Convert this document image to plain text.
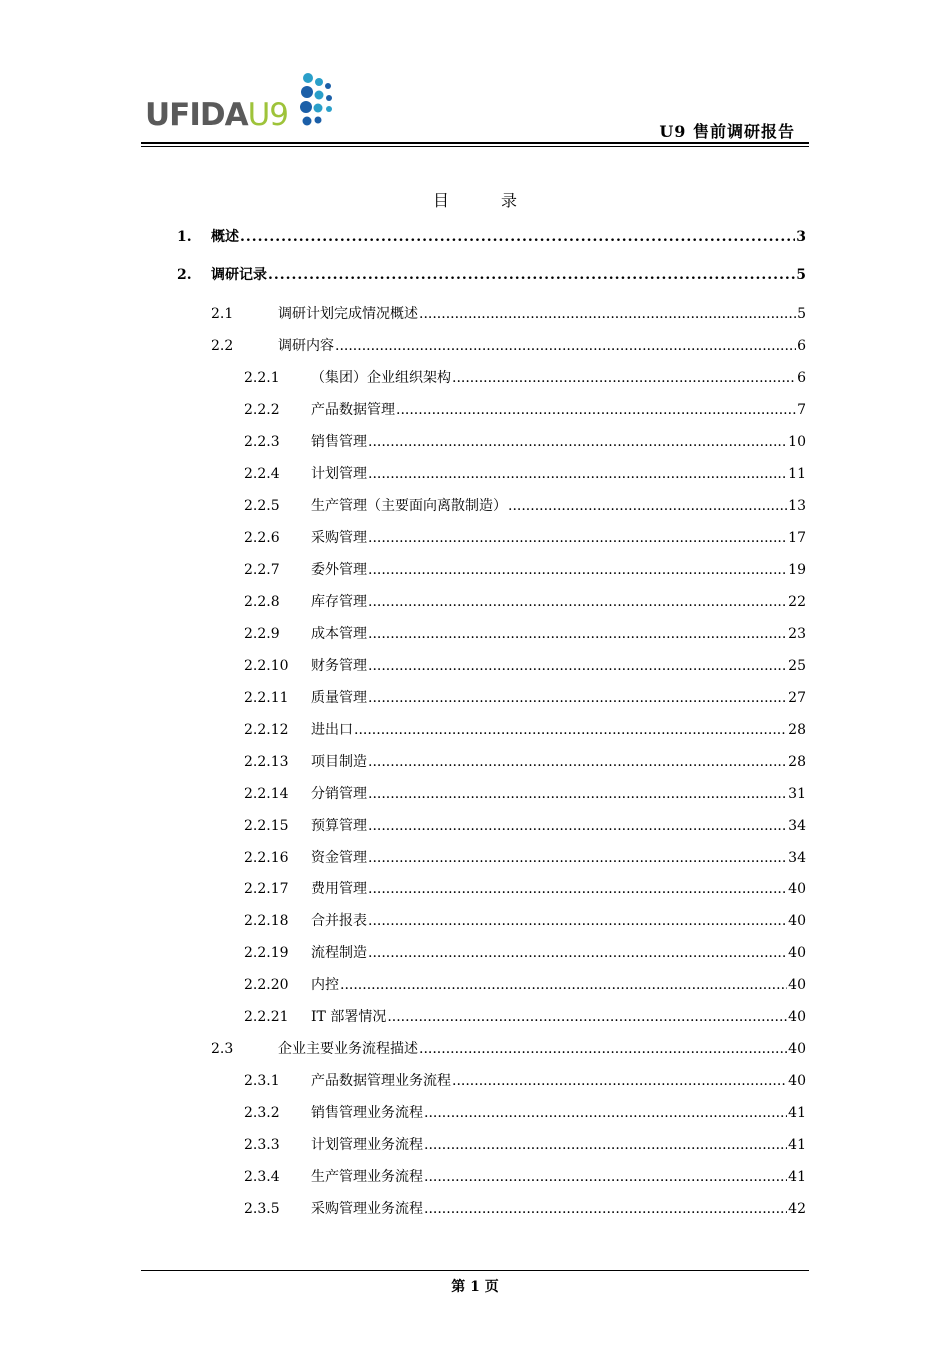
UFIDAU9	U9 售前调研报告
目	录
1.	概述 .....	3
2.	调研记录 .....	5
2.1	调研计划完成情况概述 .....	5
2.2	调研内容 .....	6
2.2.1	（集团）企业组织架构 .....	6
2.2.2	产品数据管理 .....	7
2.2.3	销售管理 .....	10
2.2.4	计划管理 .....	11
2.2.5	生产管理（主要面向离散制造） .....	13
2.2.6	采购管理 .....	17
2.2.7	委外管理 .....	19
2.2.8	库存管理 .....	22
2.2.9	成本管理 .....	23
2.2.10	财务管理 .....	25
2.2.11	质量管理 .....	27
2.2.12	进出口 .....	28
2.2.13	项目制造 .....	28
2.2.14	分销管理 .....	31
2.2.15	预算管理 .....	34
2.2.16	资金管理 .....	34
2.2.17	费用管理 .....	40
2.2.18	合并报表 .....	40
2.2.19	流程制造 .....	40
2.2.20	内控 .....	40
2.2.21	IT 部署情况 .....	40
2.3	企业主要业务流程描述 .....	40
2.3.1	产品数据管理业务流程 .....	40
2.3.2	销售管理业务流程 .....	41
2.3.3	计划管理业务流程 .....	41
2.3.4	生产管理业务流程 .....	41
2.3.5	采购管理业务流程 .....	42
第 1 页
